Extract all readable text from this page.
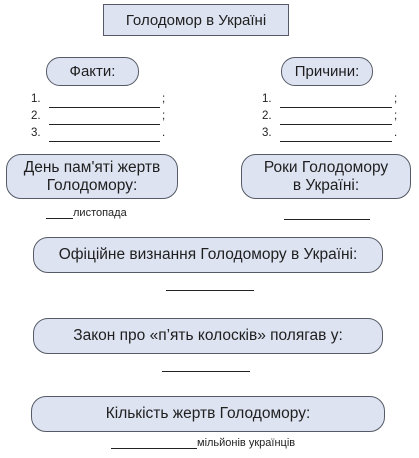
Голодомор в Україні
Факти:
1.	;
2.	;
3.	.
Причини:
1.	;
2.	;
3.	.
День пам'яті жертв
Голодомору:
листопада
Роки Голодомору
в Україні:
Офіційне визнання Голодомору в Україні:
Закон про «п’ять колосків» полягав у:
Кількість жертв Голодомору:
мільйонів українців
